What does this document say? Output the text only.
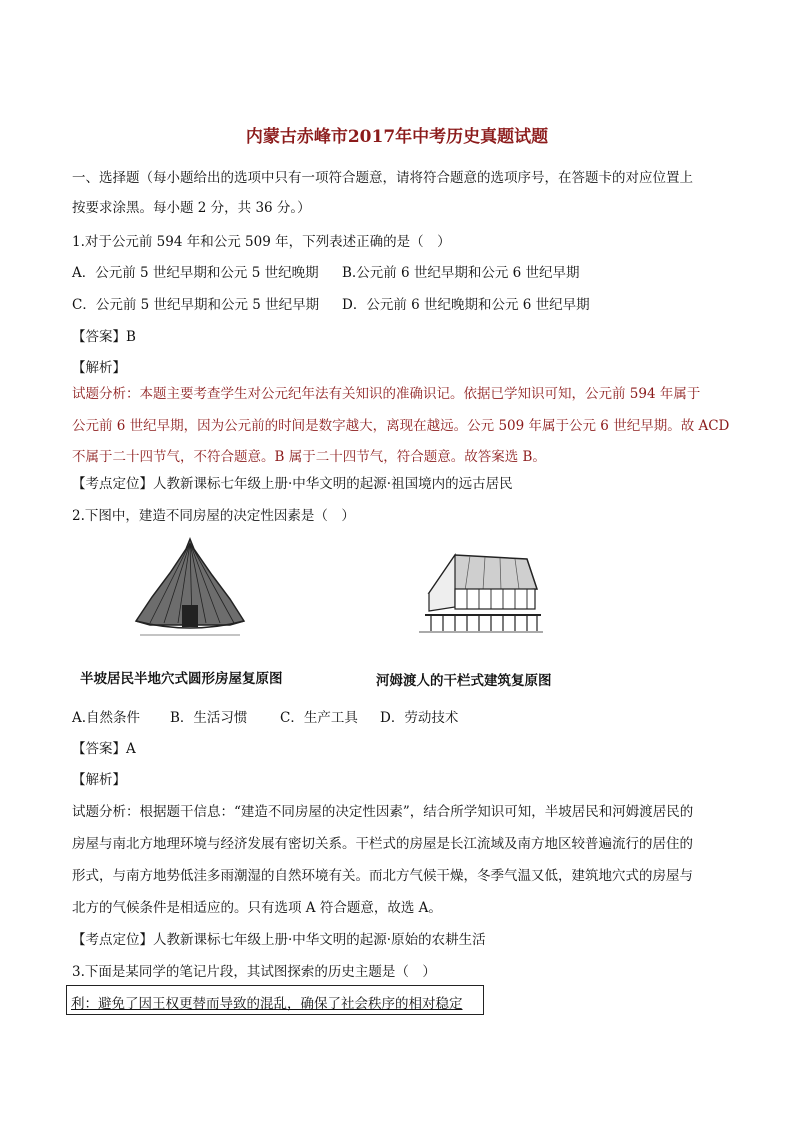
内蒙古赤峰市2017年中考历史真题试题
一、选择题（每小题给出的选项中只有一项符合题意，请将符合题意的选项序号，在答题卡的对应位置上
按要求涂黑。每小题 2 分，共 36 分。）
1.对于公元前 594 年和公元 509 年，下列表述正确的是（　）
A．公元前 5 世纪早期和公元 5 世纪晚期 B.公元前 6 世纪早期和公元 6 世纪早期
C．公元前 5 世纪早期和公元 5 世纪早期 D．公元前 6 世纪晚期和公元 6 世纪早期
【答案】B
【解析】
试题分析：本题主要考查学生对公元纪年法有关知识的准确识记。依据已学知识可知，公元前 594 年属于
公元前 6 世纪早期，因为公元前的时间是数字越大，离现在越远。公元 509 年属于公元 6 世纪早期。故 ACD
不属于二十四节气，不符合题意。B 属于二十四节气，符合题意。故答案选 B。
【考点定位】人教新课标七年级上册·中华文明的起源·祖国境内的远古居民
2.下图中，建造不同房屋的决定性因素是（　）
半坡居民半地穴式圆形房屋复原图	河姆渡人的干栏式建筑复原图
A.自然条件 B．生活习惯 C．生产工具 D．劳动技术
【答案】A
【解析】
试题分析：根据题干信息：“建造不同房屋的决定性因素”，结合所学知识可知，半坡居民和河姆渡居民的
房屋与南北方地理环境与经济发展有密切关系。干栏式的房屋是长江流域及南方地区较普遍流行的居住的
形式，与南方地势低洼多雨潮湿的自然环境有关。而北方气候干燥，冬季气温又低，建筑地穴式的房屋与
北方的气候条件是相适应的。只有选项 A 符合题意，故选 A。
【考点定位】人教新课标七年级上册·中华文明的起源·原始的农耕生活
3.下面是某同学的笔记片段，其试图探索的历史主题是（　）
利：避免了因王权更替而导致的混乱，确保了社会秩序的相对稳定
